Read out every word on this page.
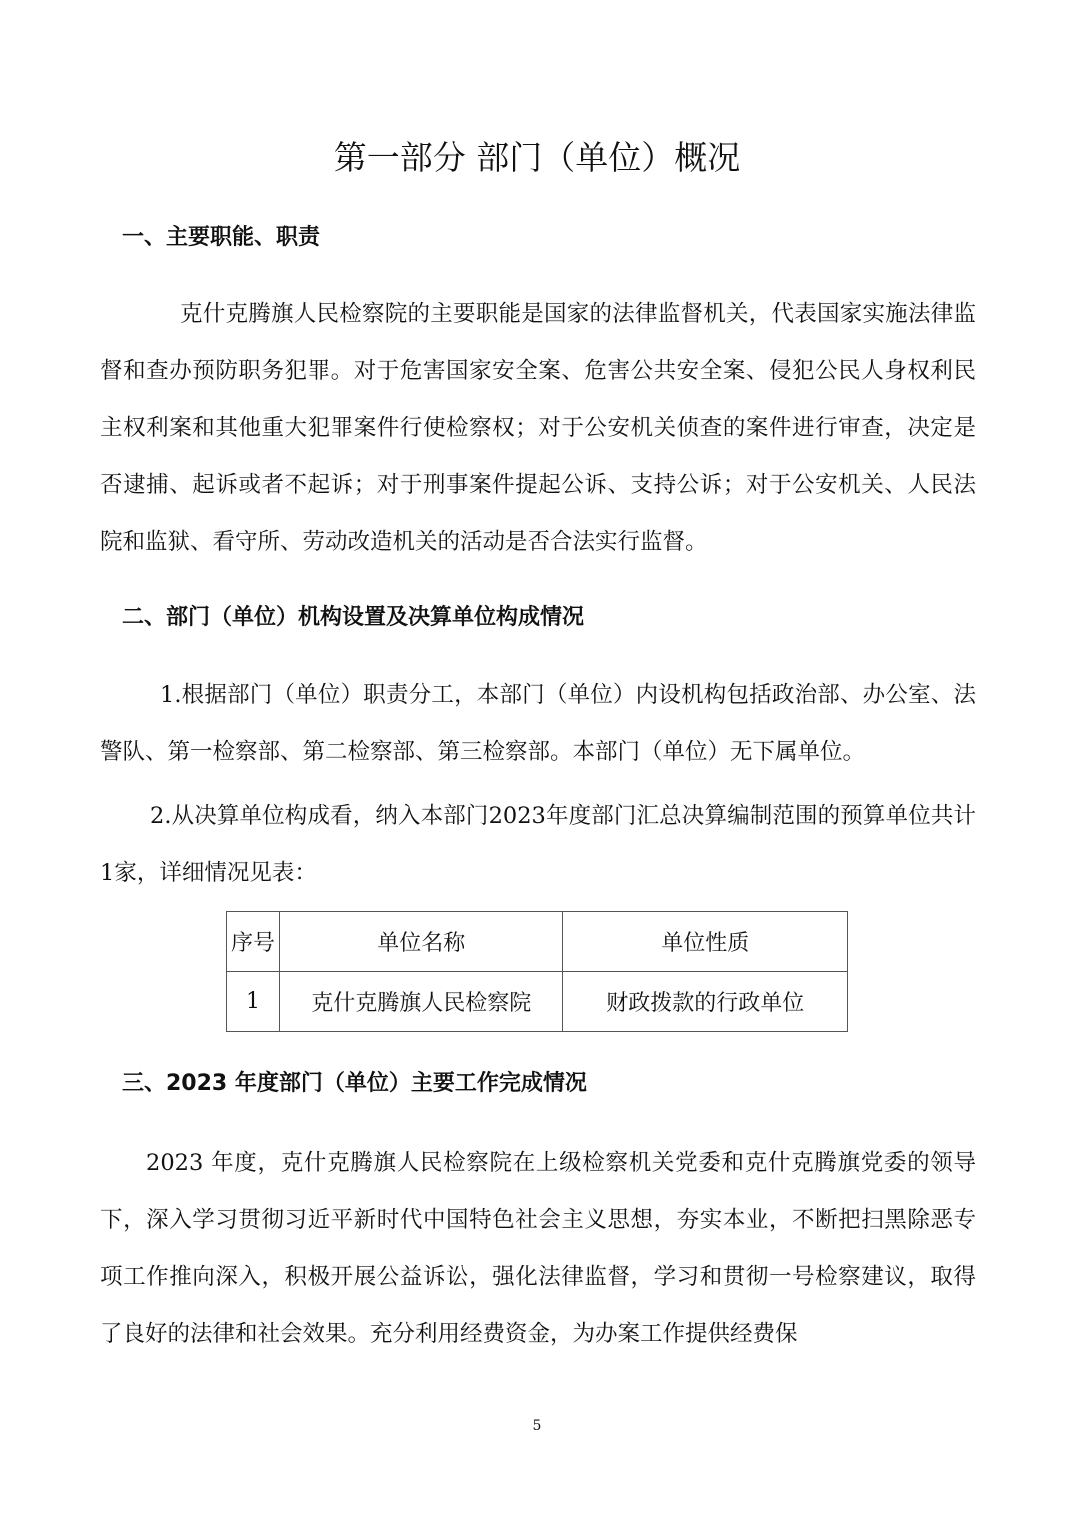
第一部分 部门（单位）概况
一、主要职能、职责

克什克腾旗人民检察院的主要职能是国家的法律监督机关，代表国家实施法律监督和查办预防职务犯罪。对于危害国家安全案、危害公共安全案、侵犯公民人身权利民主权利案和其他重大犯罪案件行使检察权；对于公安机关侦查的案件进行审查，决定是否逮捕、起诉或者不起诉；对于刑事案件提起公诉、支持公诉；对于公安机关、人民法院和监狱、看守所、劳动改造机关的活动是否合法实行监督。

二、部门（单位）机构设置及决算单位构成情况

1.根据部门（单位）职责分工，本部门（单位）内设机构包括政治部、办公室、法警队、第一检察部、第二检察部、第三检察部。本部门（单位）无下属单位。

2.从决算单位构成看，纳入本部门2023年度部门汇总决算编制范围的预算单位共计1家，详细情况见表：

序号	单位名称	单位性质
1	克什克腾旗人民检察院	财政拨款的行政单位
三、2023 年度部门（单位）主要工作完成情况

2023 年度，克什克腾旗人民检察院在上级检察机关党委和克什克腾旗党委的领导下，深入学习贯彻习近平新时代中国特色社会主义思想，夯实本业，不断把扫黑除恶专项工作推向深入，积极开展公益诉讼，强化法律监督，学习和贯彻一号检察建议，取得了良好的法律和社会效果。充分利用经费资金，为办案工作提供经费保

5
